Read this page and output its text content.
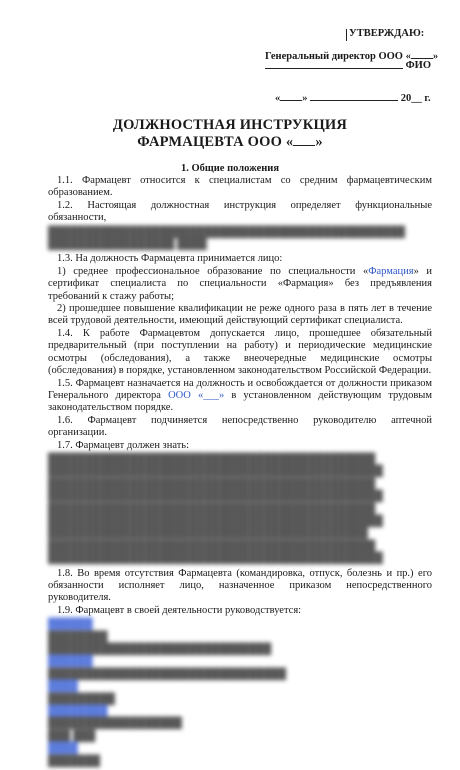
УТВЕРЖДАЮ:
Генеральный директор ООО « »
ФИО
« »	20__ г.
ДОЛЖНОСТНАЯ ИНСТРУКЦИЯ
ФАРМАЦЕВТА ООО « »
1. Общие положения

1.1. Фармацевт относится к специалистам со средним фармацевтическим образованием.

1.2. Настоящая должностная инструкция определяет функциональные обязанности,

████████████████████████████████████████████████
█████████████████ ████

1.3. На должность Фармацевта принимается лицо:

1) среднее профессиональное образование по специальности «Фармация» и сертификат специалиста по специальности «Фармация» без предъявления требований к стажу работы;

2) прошедшее повышение квалификации не реже одного раза в пять лет в течение всей трудовой деятельности, имеющий действующий сертификат специалиста.

1.4. К работе Фармацевтом допускается лицо, прошедшее обязательный предварительный (при поступлении на работу) и периодические медицинские осмотры (обследования), а также внеочередные медицинские осмотры (обследования) в порядке, установленном законодательством Российской Федерации.

1.5. Фармацевт назначается на должность и освобождается от должности приказом Генерального директора ООО «___» в установленном действующим трудовым законодательством порядке.

1.6. Фармацевт подчиняется непосредственно руководителю аптечной организации.

1.7. Фармацевт должен знать:

████████████████████████████████████████████
█████████████████████████████████████████████
████████████████████████████████████████████
█████████████████████████████████████████████
████████████████████████████████████████████
█████████████████████████████████████████████
███████████████████████████████████████████
████████████████████████████████████████████
█████████████████████████████████████████████

1.8. Во время отсутствия Фармацевта (командировка, отпуск, болезнь и пр.) его обязанности исполняет лицо, назначенное приказом непосредственного руководителя.

1.9. Фармацевт в своей деятельности руководствуется:

██████
████████
██████████████████████████████
██████
████████████████████████████████
████
█████████
████████
██████████████████
███ ███
████
███████
